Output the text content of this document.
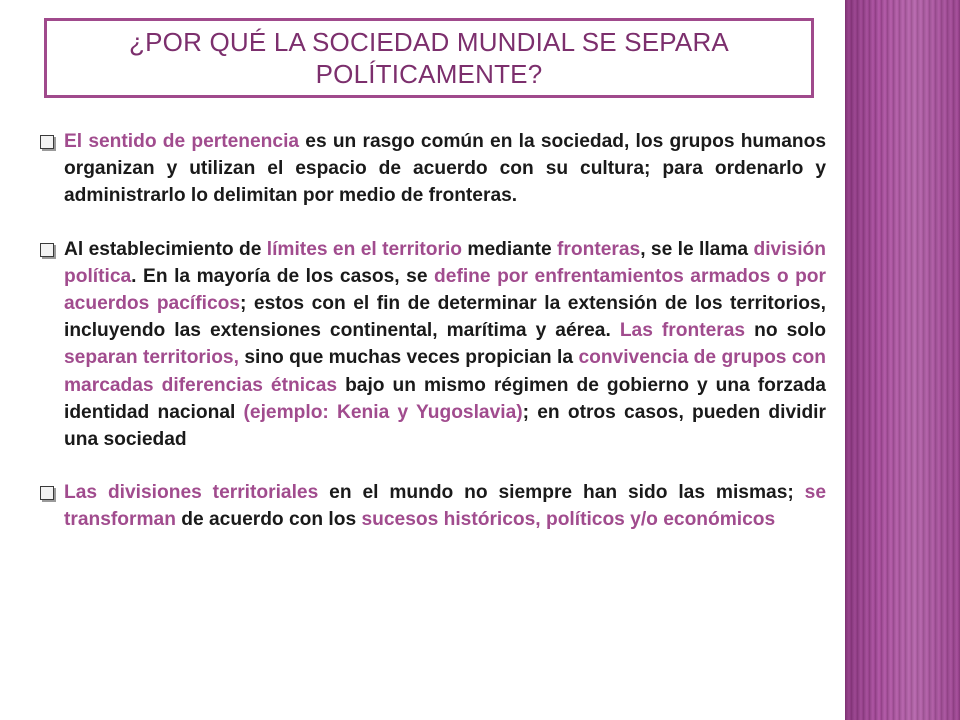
¿POR QUÉ LA SOCIEDAD MUNDIAL SE SEPARA POLÍTICAMENTE?
El sentido de pertenencia es un rasgo común en la sociedad, los grupos humanos organizan y utilizan el espacio de acuerdo con su cultura; para ordenarlo y administrarlo lo delimitan por medio de fronteras.
Al establecimiento de límites en el territorio mediante fronteras, se le llama división política. En la mayoría de los casos, se define por enfrentamientos armados o por acuerdos pacíficos; estos con el fin de determinar la extensión de los territorios, incluyendo las extensiones continental, marítima y aérea. Las fronteras no solo separan territorios, sino que muchas veces propician la convivencia de grupos con marcadas diferencias étnicas bajo un mismo régimen de gobierno y una forzada identidad nacional (ejemplo: Kenia y Yugoslavia); en otros casos, pueden dividir una sociedad
Las divisiones territoriales en el mundo no siempre han sido las mismas; se transforman de acuerdo con los sucesos históricos, políticos y/o económicos
